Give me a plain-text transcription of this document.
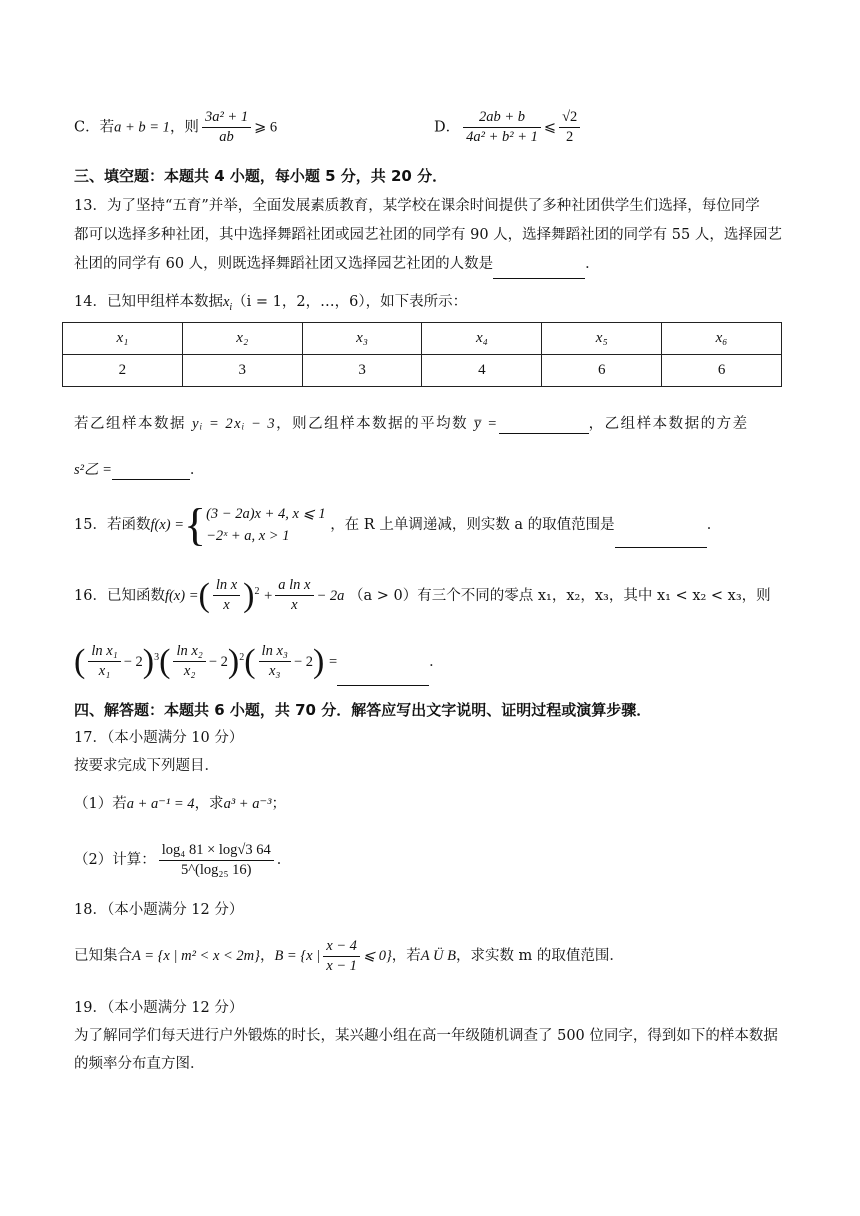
C．若a + b = 1，则 $\frac{\text{3a² + 1}}{ab}$ ⩾ 6	D． $\frac{2ab + b}{\text{4a² + b² + 1}}$ ⩽ $\frac{√2}{2}$
三、填空题：本题共 4 小题，每小题 5 分，共 20 分．
13．为了坚持“五育”并举，全面发展素质教育，某学校在课余时间提供了多种社团供学生们选择，每位同学
都可以选择多种社团，其中选择舞蹈社团或园艺社团的同学有 90 人，选择舞蹈社团的同学有 55 人，选择园艺
社团的同学有 60 人，则既选择舞蹈社团又选择园艺社团的人数是	．
14．已知甲组样本数据$x_i(i = 1$，2，…，6），如下表所示：
x₁	x₂	x₃	x₄	x₅	x₆
2	3	3	4	6	6
若乙组样本数据 yᵢ = 2xᵢ − 3，则乙组样本数据的平均数 y̅ =	，乙组样本数据的方差
s²乙 =	．
15．若函数f(x) ={ (3 − 2a)x + 4, x ⩽ 1
−2ˣ + a, x > 1
，在 R 上单调递减，则实数 a 的取值范围是	．
16．已知函数f(x) =( $\frac{\text{ln x}}{x} )^2 + \frac{\text{a ln x}}{x} - 2a$ （a > 0）有三个不同的零点 x₁，x₂，x₃，其中 x₁ < x₂ < x₃，则
( $\frac{\text{ln x₁}}{\text{x₁}} - 2)^3( \frac{\text{ln x₂}}{\text{x₂}} - 2)^2( \frac{\text{ln x₃}}{\text{x₃}} - 2)$ =	．
四、解答题：本题共 6 小题，共 70 分．解答应写出文字说明、证明过程或演算步骤．
17．（本小题满分 10 分）
按要求完成下列题目．
（1）若a + a⁻¹ = 4，求a³ + a⁻³；
（2）计算： $\frac{\text{log₄ 81 × log√3 64}}{\text{5\textasciicircum{}(log₂₅ 16)}}$ ．
18．（本小题满分 12 分）
已知集合A = {x | m² < x < 2m}，B = {x | $\frac{x - 4}{x - 1}$ ⩽ 0}，若A Ü B，求实数 m 的取值范围．
19．（本小题满分 12 分）
为了解同学们每天进行户外锻炼的时长，某兴趣小组在高一年级随机调查了 500 位同字，得到如下的样本数据
的频率分布直方图．
